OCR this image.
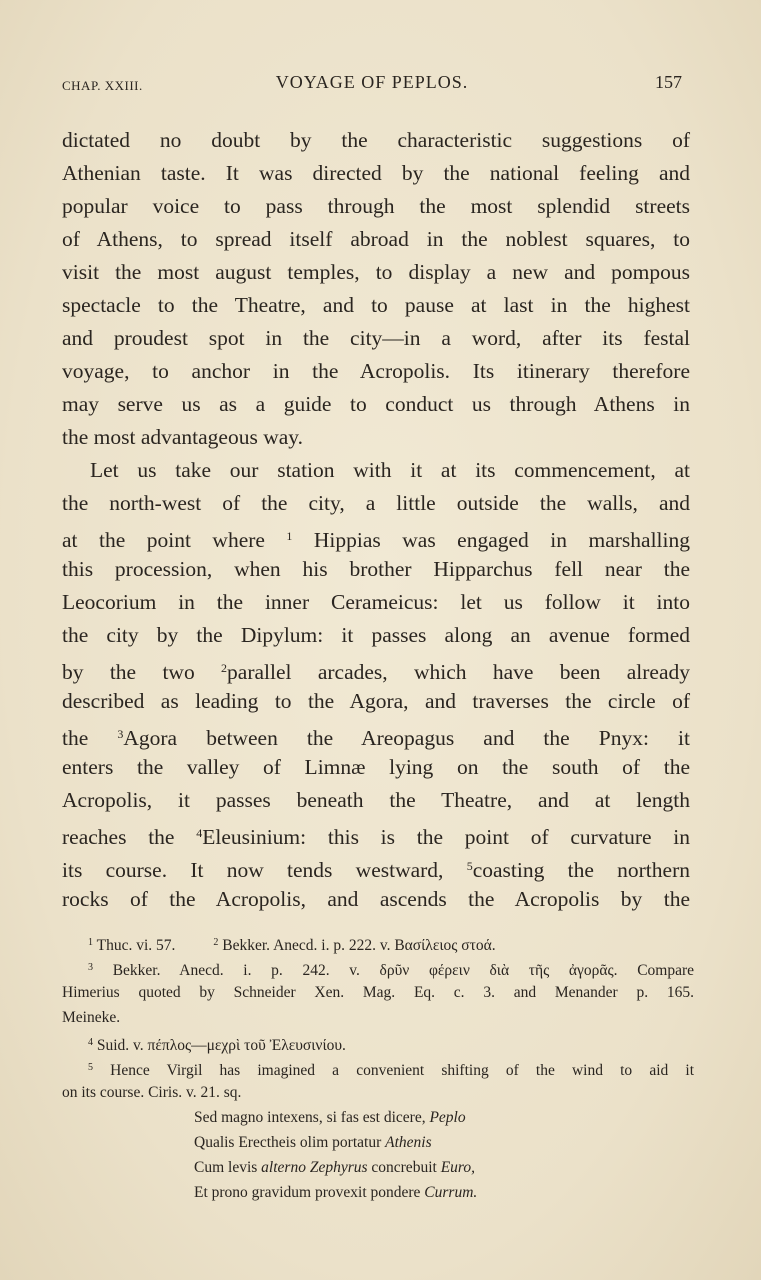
CHAP. XXIII.	VOYAGE OF PEPLOS.	157
dictated no doubt by the characteristic suggestions of
Athenian taste. It was directed by the national feeling and
popular voice to pass through the most splendid streets
of Athens, to spread itself abroad in the noblest squares, to
visit the most august temples, to display a new and pompous
spectacle to the Theatre, and to pause at last in the highest
and proudest spot in the city—in a word, after its festal
voyage, to anchor in the Acropolis. Its itinerary therefore
may serve us as a guide to conduct us through Athens in
the most advantageous way.
Let us take our station with it at its commencement, at
the north-west of the city, a little outside the walls, and
at the point where $^1$ Hippias was engaged in marshalling
this procession, when his brother Hipparchus fell near the
Leocorium in the inner Cerameicus: let us follow it into
the city by the Dipylum: it passes along an avenue formed
by the two $^2$parallel arcades, which have been already
described as leading to the Agora, and traverses the circle of
the $^3$Agora between the Areopagus and the Pnyx: it
enters the valley of Limnæ lying on the south of the
Acropolis, it passes beneath the Theatre, and at length
reaches the $^4$Eleusinium: this is the point of curvature in
its course. It now tends westward, $^5$coasting the northern
rocks of the Acropolis, and ascends the Acropolis by the
$^1$ Thuc. vi. 57.	$^2$ Bekker. Anecd. i. p. 222. v. Βασίλειος στοά.
$^3$ Bekker. Anecd. i. p. 242. v. δρῦν φέρειν διὰ τῆς ἀγορᾶς. Compare
Himerius quoted by Schneider Xen. Mag. Eq. c. 3. and Menander p. 165.
Meineke.
$^4$ Suid. v. πέπλος—μεχρὶ τοῦ Ἐλευσινίου.
$^5$ Hence Virgil has imagined a convenient shifting of the wind to aid it
on its course. Ciris. v. 21. sq.
Sed magno intexens, si fas est dicere, Peplo
Qualis Erectheis olim portatur Athenis
Cum levis alterno Zephyrus concrebuit Euro,
Et prono gravidum provexit pondere Currum.
